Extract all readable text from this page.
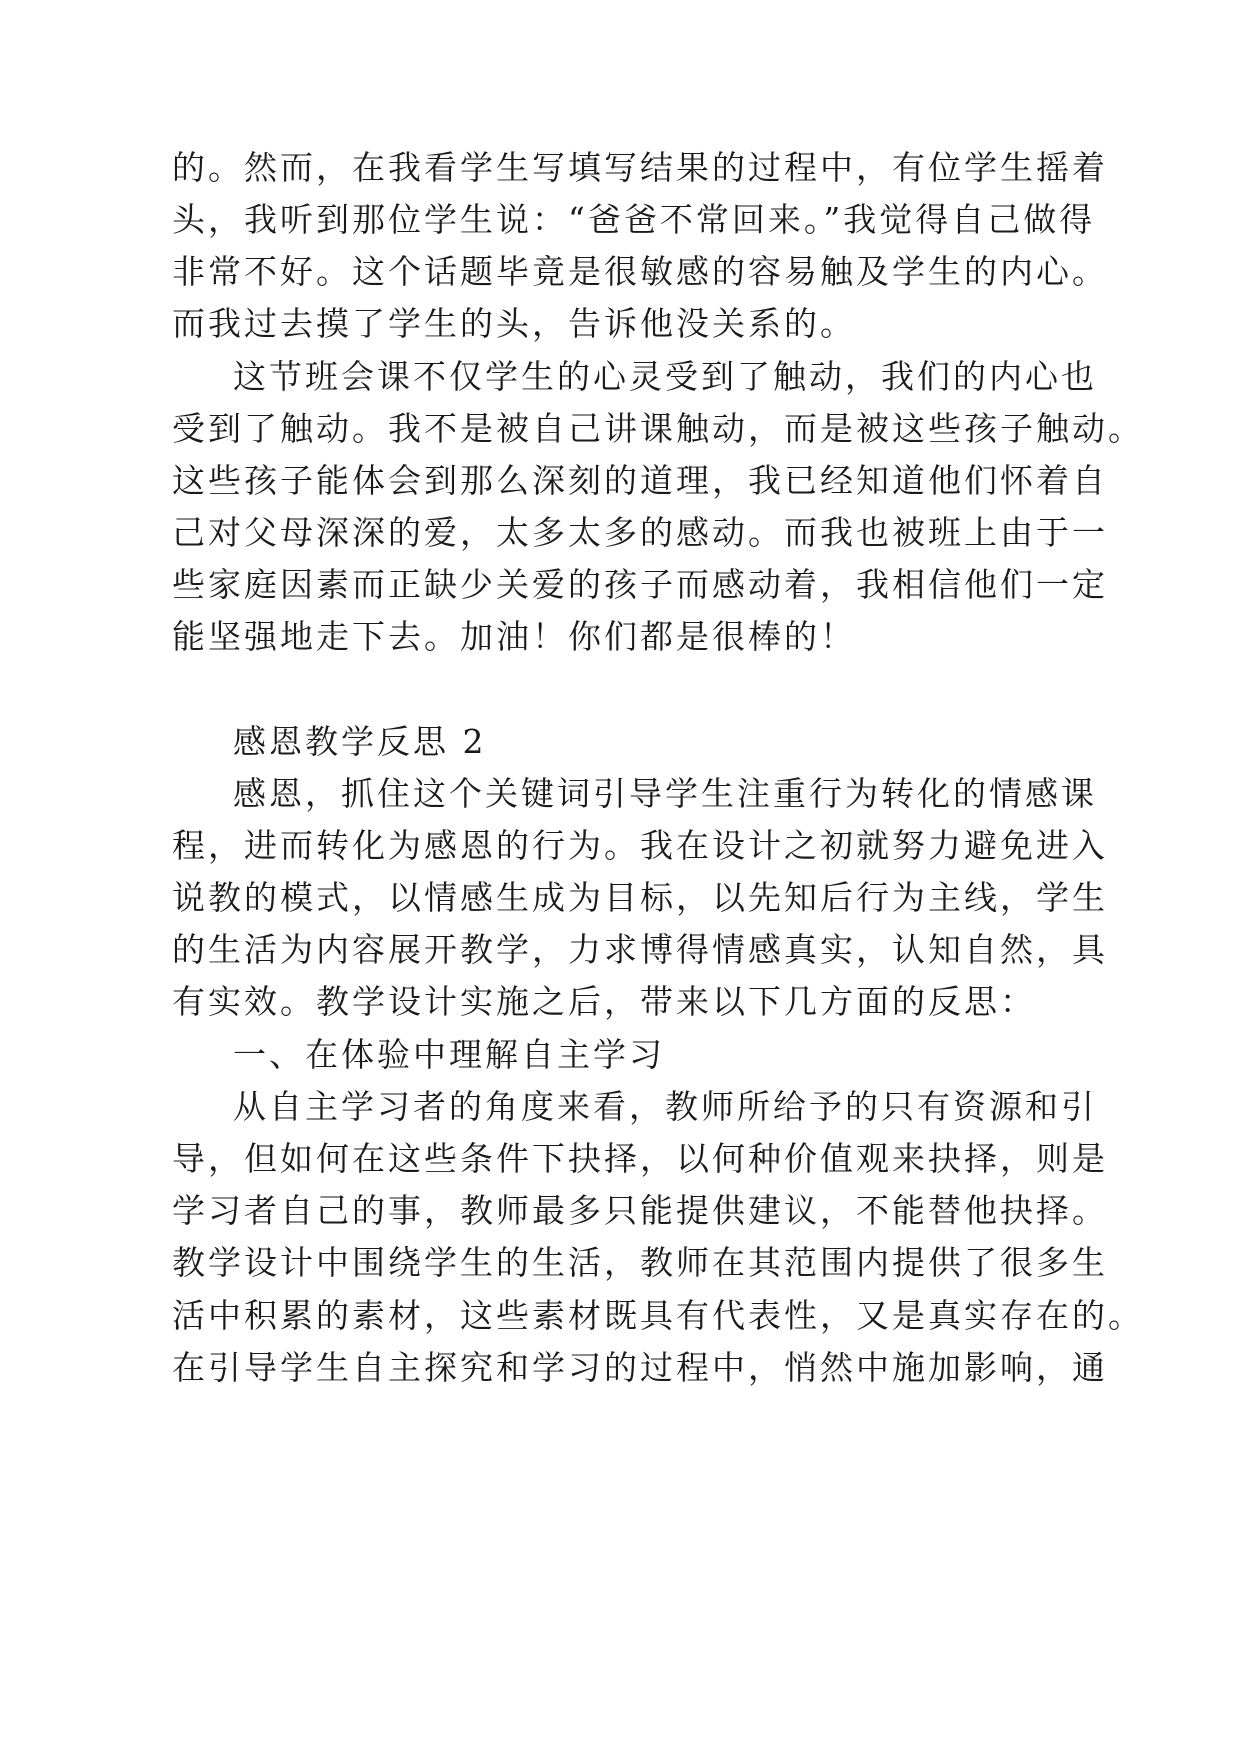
的。然而，在我看学生写填写结果的过程中，有位学生摇着
头，我听到那位学生说：“爸爸不常回来。”我觉得自己做得
非常不好。这个话题毕竟是很敏感的容易触及学生的内心。
而我过去摸了学生的头，告诉他没关系的。
这节班会课不仅学生的心灵受到了触动，我们的内心也
受到了触动。我不是被自己讲课触动，而是被这些孩子触动。
这些孩子能体会到那么深刻的道理，我已经知道他们怀着自
己对父母深深的爱，太多太多的感动。而我也被班上由于一
些家庭因素而正缺少关爱的孩子而感动着，我相信他们一定
能坚强地走下去。加油！你们都是很棒的！
感恩教学反思 2
感恩，抓住这个关键词引导学生注重行为转化的情感课
程，进而转化为感恩的行为。我在设计之初就努力避免进入
说教的模式，以情感生成为目标，以先知后行为主线，学生
的生活为内容展开教学，力求博得情感真实，认知自然，具
有实效。教学设计实施之后，带来以下几方面的反思：
一、在体验中理解自主学习
从自主学习者的角度来看，教师所给予的只有资源和引
导，但如何在这些条件下抉择，以何种价值观来抉择，则是
学习者自己的事，教师最多只能提供建议，不能替他抉择。
教学设计中围绕学生的生活，教师在其范围内提供了很多生
活中积累的素材，这些素材既具有代表性，又是真实存在的。
在引导学生自主探究和学习的过程中，悄然中施加影响，通
